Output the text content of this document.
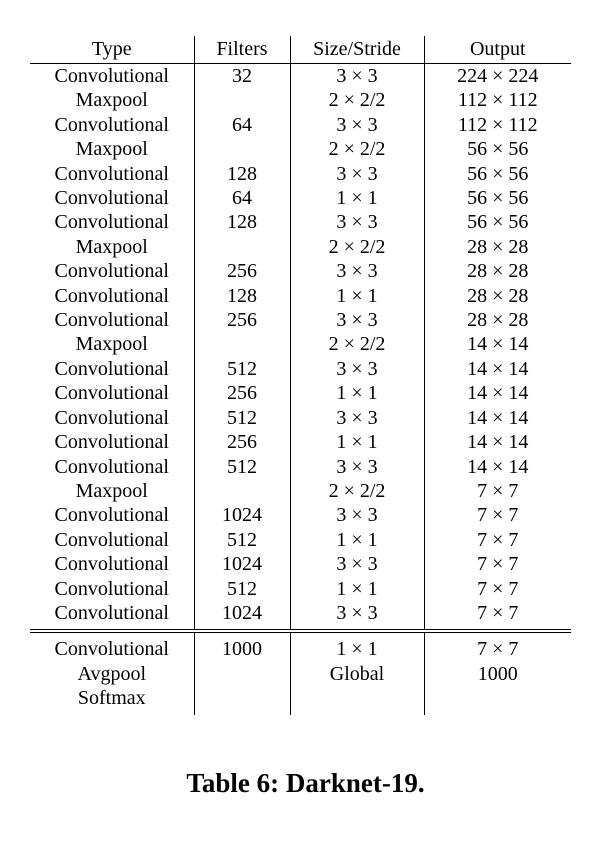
Type	Filters	Size/Stride	Output
Convolutional	32	3 × 3	224 × 224
Maxpool		2 × 2/2	112 × 112
Convolutional	64	3 × 3	112 × 112
Maxpool		2 × 2/2	56 × 56
Convolutional	128	3 × 3	56 × 56
Convolutional	64	1 × 1	56 × 56
Convolutional	128	3 × 3	56 × 56
Maxpool		2 × 2/2	28 × 28
Convolutional	256	3 × 3	28 × 28
Convolutional	128	1 × 1	28 × 28
Convolutional	256	3 × 3	28 × 28
Maxpool		2 × 2/2	14 × 14
Convolutional	512	3 × 3	14 × 14
Convolutional	256	1 × 1	14 × 14
Convolutional	512	3 × 3	14 × 14
Convolutional	256	1 × 1	14 × 14
Convolutional	512	3 × 3	14 × 14
Maxpool		2 × 2/2	7 × 7
Convolutional	1024	3 × 3	7 × 7
Convolutional	512	1 × 1	7 × 7
Convolutional	1024	3 × 3	7 × 7
Convolutional	512	1 × 1	7 × 7
Convolutional	1024	3 × 3	7 × 7
Convolutional	1000	1 × 1	7 × 7
Avgpool		Global	1000
Softmax			
Table 6: Darknet-19.
